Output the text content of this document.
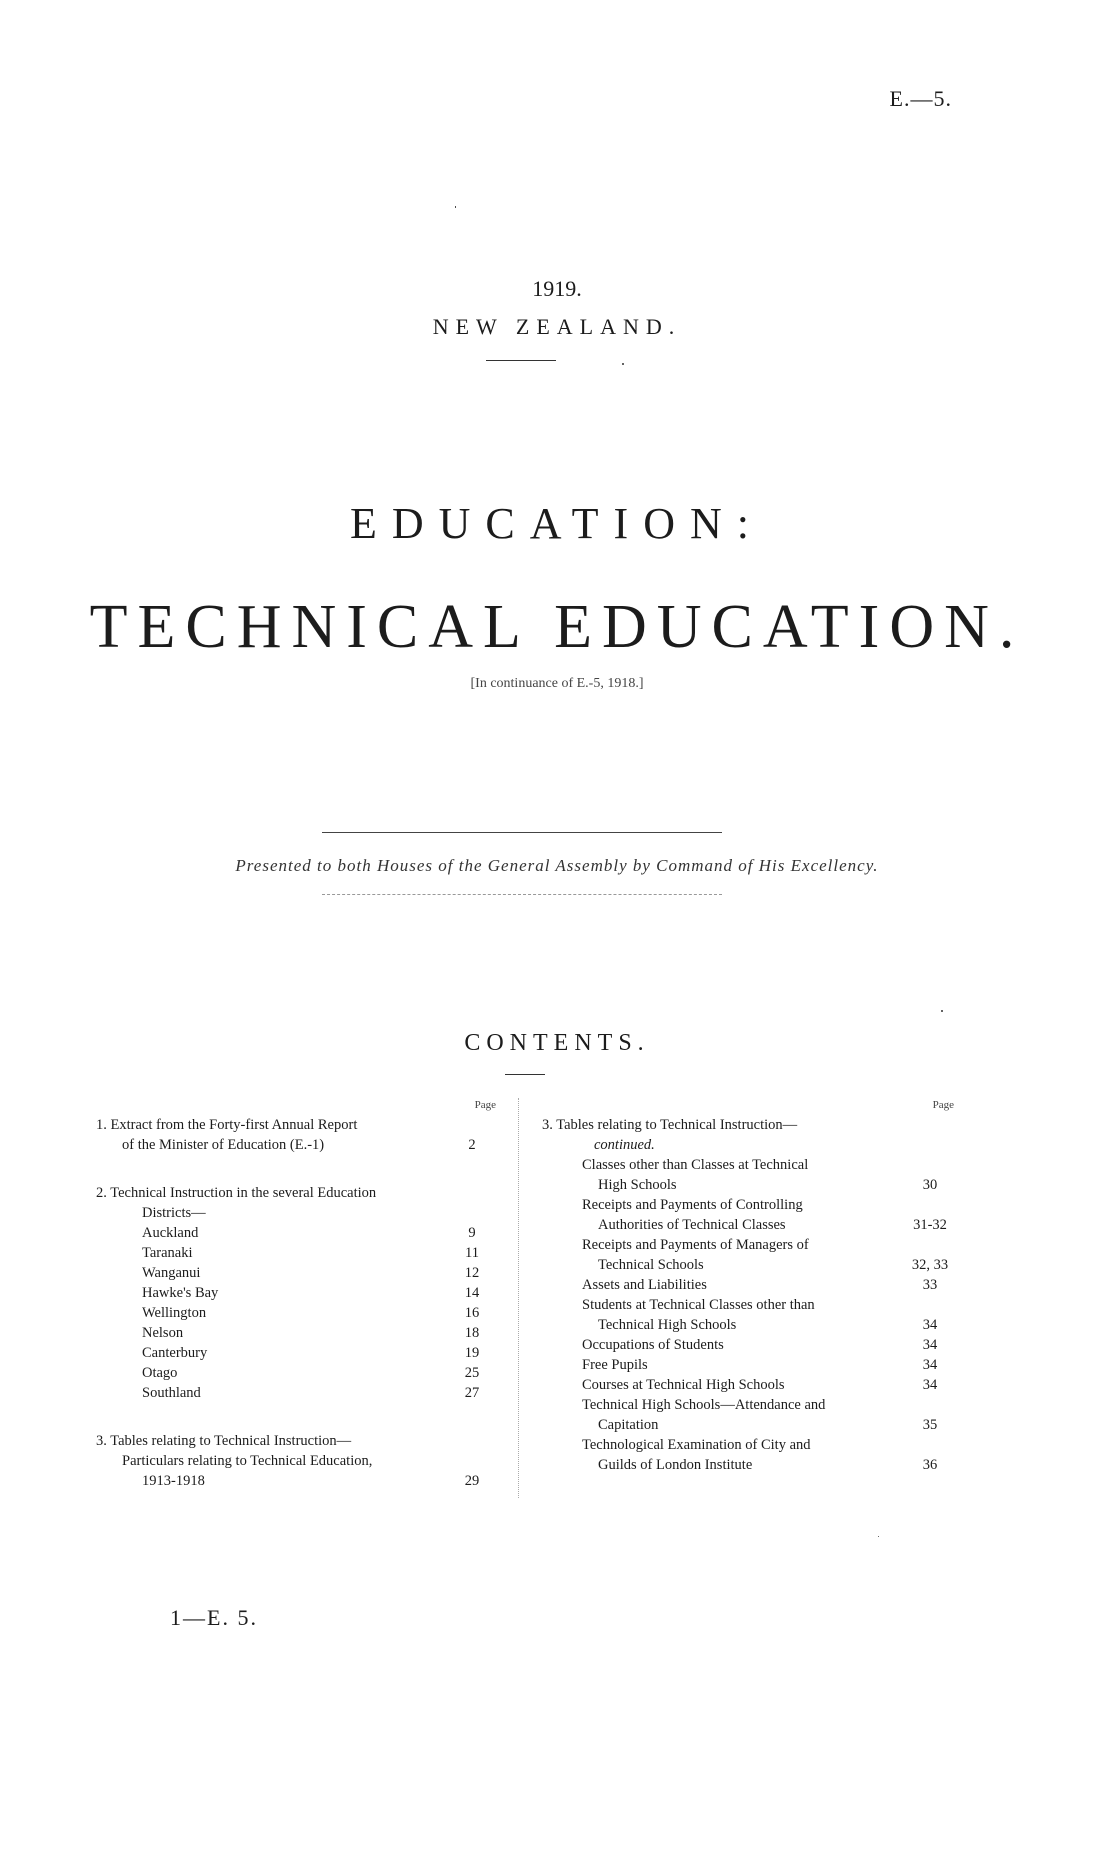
E.—5.
1919.
NEW ZEALAND.
EDUCATION:
TECHNICAL EDUCATION.
[In continuance of E.-5, 1918.]
Presented to both Houses of the General Assembly by Command of His Excellency.
CONTENTS.
Page
1. Extract from the Forty-first Annual Report
of the Minister of Education (E.-1)	2
2. Technical Instruction in the several Education
Districts—
Auckland	9
Taranaki	11
Wanganui	12
Hawke's Bay	14
Wellington	16
Nelson	18
Canterbury	19
Otago	25
Southland	27
3. Tables relating to Technical Instruction—
Particulars relating to Technical Education,
1913-1918	29
Page
3. Tables relating to Technical Instruction—
continued.
Classes other than Classes at Technical
High Schools	30
Receipts and Payments of Controlling
Authorities of Technical Classes	31-32
Receipts and Payments of Managers of
Technical Schools	32, 33
Assets and Liabilities	33
Students at Technical Classes other than
Technical High Schools	34
Occupations of Students	34
Free Pupils	34
Courses at Technical High Schools	34
Technical High Schools—Attendance and
Capitation	35
Technological Examination of City and
Guilds of London Institute	36
1—E. 5.
